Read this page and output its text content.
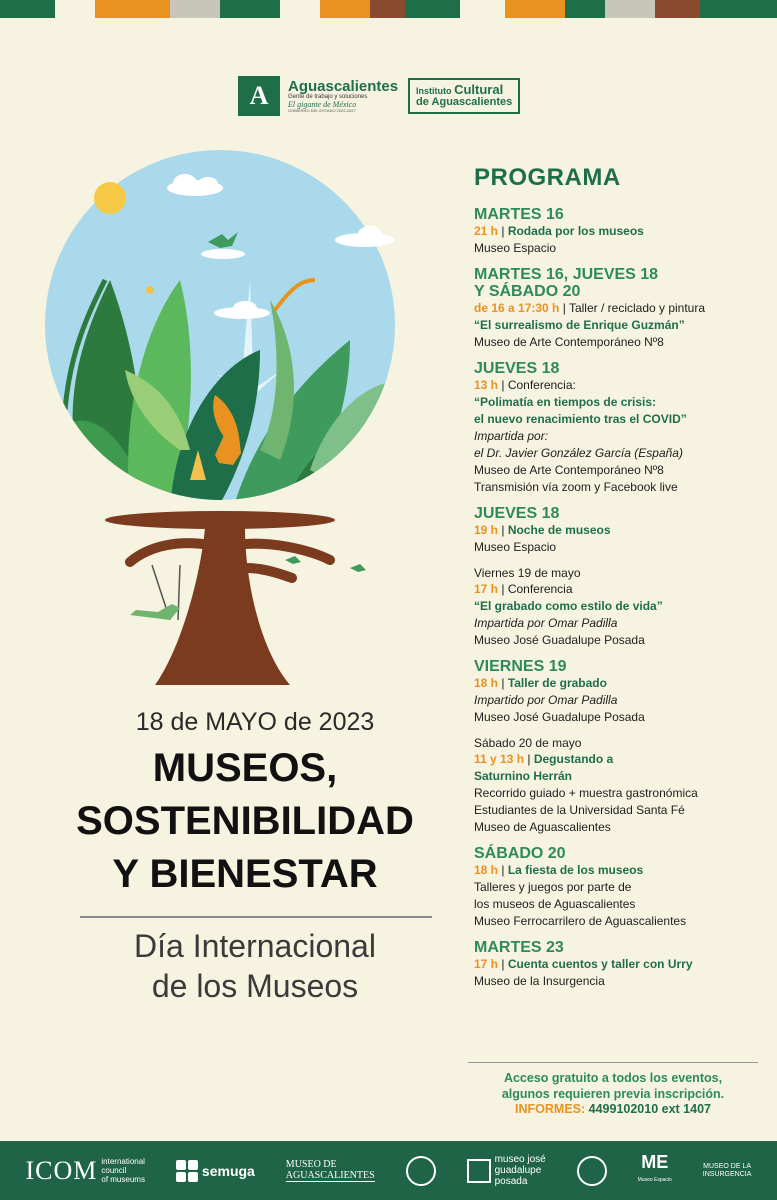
A	Aguascalientes
Gente de trabajo y soluciones
El gigante de México
GOBIERNO DEL ESTADO 2022-2027
Instituto Cultural
de Aguascalientes
18 de MAYO de 2023
MUSEOS,
SOSTENIBILIDAD
Y BIENESTAR
Día Internacional
de los Museos
PROGRAMA
MARTES 16
21 h | Rodada por los museos
Museo Espacio
MARTES 16, JUEVES 18
Y SÁBADO 20
de 16 a 17:30 h | Taller / reciclado y pintura
“El surrealismo de Enrique Guzmán”
Museo de Arte Contemporáneo Nº8
JUEVES 18
13 h | Conferencia:
“Polimatía en tiempos de crisis:
el nuevo renacimiento tras el COVID”
Impartida por:
el Dr. Javier González García (España)
Museo de Arte Contemporáneo Nº8
Transmisión vía zoom y Facebook live
JUEVES 18
19 h | Noche de museos
Museo Espacio
Viernes 19 de mayo
17 h | Conferencia
“El grabado como estilo de vida”
Impartida por Omar Padilla
Museo José Guadalupe Posada
VIERNES 19
18 h | Taller de grabado
Impartido por Omar Padilla
Museo José Guadalupe Posada
Sábado 20 de mayo
11 y 13 h | Degustando a
Saturnino Herrán
Recorrido guiado + muestra gastronómica
Estudiantes de la Universidad Santa Fé
Museo de Aguascalientes
SÁBADO 20
18 h | La fiesta de los museos
Talleres y juegos por parte de
los museos de Aguascalientes
Museo Ferrocarrilero de Aguascalientes
MARTES 23
17 h | Cuenta cuentos y taller con Urry
Museo de la Insurgencia
Acceso gratuito a todos los eventos,
algunos requieren previa inscripción.
INFORMES: 4499102010 ext 1407
ICOM international
council
of museums
semuga	MUSEO DE
AGUASCALIENTES
museo josé
guadalupe
posada
ME
Museo Espacio
MUSEO DE LA
INSURGENCIA
